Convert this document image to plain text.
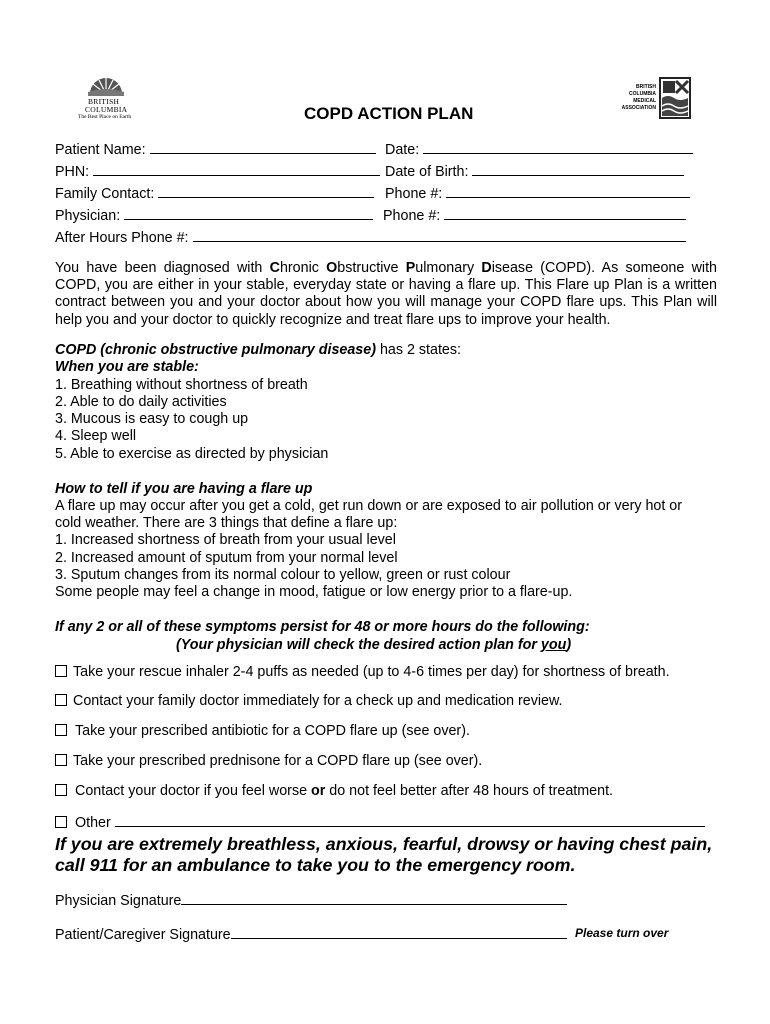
BRITISH
COLUMBIA
The Best Place on Earth
BRITISH
COLUMBIA
MEDICAL
ASSOCIATION
COPD ACTION PLAN
Patient Name:	Date:
PHN:	Date of Birth:
Family Contact:	Phone #:
Physician:	Phone #:
After Hours Phone #:
You have been diagnosed with Chronic Obstructive Pulmonary Disease (COPD). As someone with COPD, you are either in your stable, everyday state or having a flare up. This Flare up Plan is a written contract between you and your doctor about how you will manage your COPD flare ups. This Plan will help you and your doctor to quickly recognize and treat flare ups to improve your health.
COPD (chronic obstructive pulmonary disease) has 2 states:
When you are stable:
1. Breathing without shortness of breath
2. Able to do daily activities
3. Mucous is easy to cough up
4. Sleep well
5. Able to exercise as directed by physician
How to tell if you are having a flare up
A flare up may occur after you get a cold, get run down or are exposed to air pollution or very hot or
cold weather. There are 3 things that define a flare up:
1. Increased shortness of breath from your usual level
2. Increased amount of sputum from your normal level
3. Sputum changes from its normal colour to yellow, green or rust colour
Some people may feel a change in mood, fatigue or low energy prior to a flare-up.
If any 2 or all of these symptoms persist for 48 or more hours do the following:
(Your physician will check the desired action plan for you)
Take your rescue inhaler 2-4 puffs as needed (up to 4-6 times per day) for shortness of breath.
Contact your family doctor immediately for a check up and medication review.
Take your prescribed antibiotic for a COPD flare up (see over).
Take your prescribed prednisone for a COPD flare up (see over).
Contact your doctor if you feel worse or do not feel better after 48 hours of treatment.
Other
If you are extremely breathless, anxious, fearful, drowsy or having chest pain,
call 911 for an ambulance to take you to the emergency room.
Physician Signature
Patient/Caregiver Signature	Please turn over
